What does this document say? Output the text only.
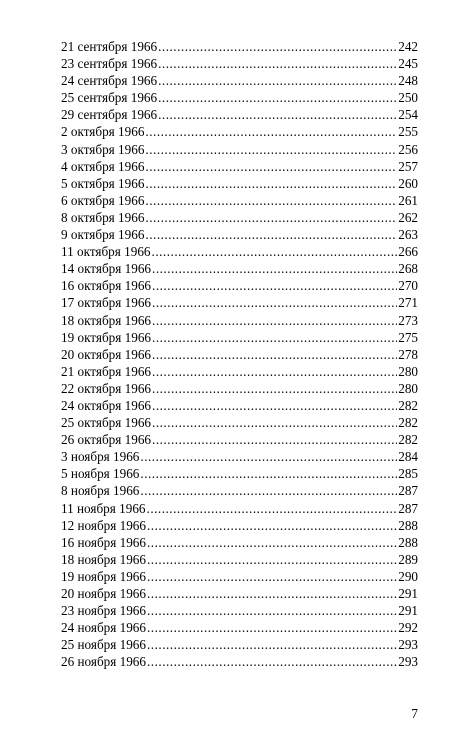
21 сентября 1966 .....	242
23 сентября 1966 .....	245
24 сентября 1966 .....	248
25 сентября 1966 .....	250
29 сентября 1966 .....	254
2 октября 1966 .....	255
3 октября 1966 .....	256
4 октября 1966 .....	257
5 октября 1966 .....	260
6 октября 1966 .....	261
8 октября 1966 .....	262
9 октября 1966 .....	263
11 октября 1966 .....	266
14 октября 1966 .....	268
16 октября 1966 .....	270
17 октября 1966 .....	271
18 октября 1966 .....	273
19 октября 1966 .....	275
20 октября 1966 .....	278
21 октября 1966 .....	280
22 октября 1966 .....	280
24 октября 1966 .....	282
25 октября 1966 .....	282
26 октября 1966 .....	282
3 ноября 1966 .....	284
5 ноября 1966 .....	285
8 ноября 1966 .....	287
11 ноября 1966 .....	287
12 ноября 1966 .....	288
16 ноября 1966 .....	288
18 ноября 1966 .....	289
19 ноября 1966 .....	290
20 ноября 1966 .....	291
23 ноября 1966 .....	291
24 ноября 1966 .....	292
25 ноября 1966 .....	293
26 ноября 1966 .....	293
7
